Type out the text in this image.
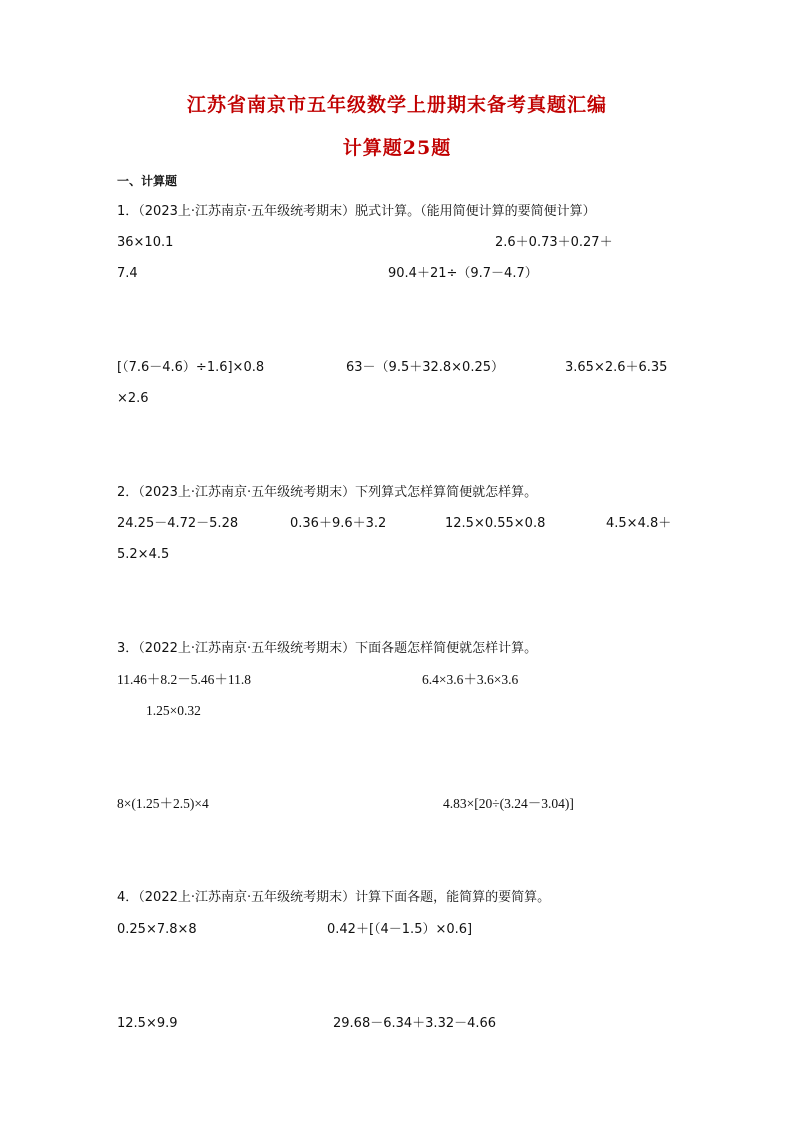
江苏省南京市五年级数学上册期末备考真题汇编
计算题25题
一、计算题
1．（2023上·江苏南京·五年级统考期末）脱式计算。（能用简便计算的要简便计算）
36×10.1	2.6＋0.73＋0.27＋
7.4	90.4＋21÷（9.7－4.7）
[（7.6－4.6）÷1.6]×0.8	63－（9.5＋32.8×0.25）	3.65×2.6＋6.35
×2.6
2．（2023上·江苏南京·五年级统考期末）下列算式怎样算简便就怎样算。
24.25－4.72－5.28	0.36＋9.6＋3.2	12.5×0.55×0.8	4.5×4.8＋
5.2×4.5
3．（2022上·江苏南京·五年级统考期末）下面各题怎样简便就怎样计算。
11.46＋8.2－5.46＋11.8	6.4×3.6＋3.6×3.6
1.25×0.32
8×(1.25＋2.5)×4	4.83×[20÷(3.24－3.04)]
4．（2022上·江苏南京·五年级统考期末）计算下面各题，能简算的要简算。
0.25×7.8×8	0.42＋[（4－1.5）×0.6]
12.5×9.9	29.68－6.34＋3.32－4.66
